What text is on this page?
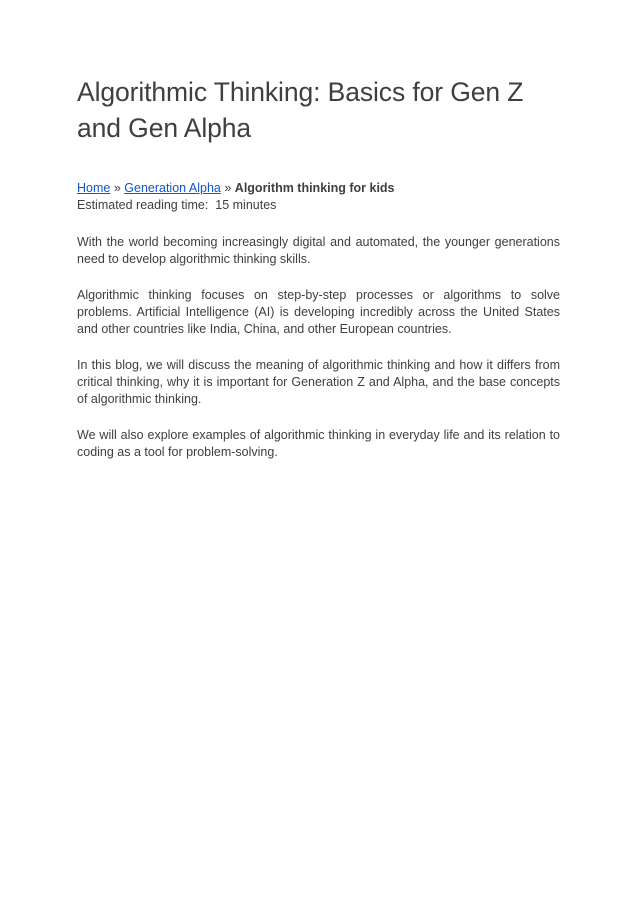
Algorithmic Thinking: Basics for Gen Z and Gen Alpha
Home » Generation Alpha » Algorithm thinking for kids
Estimated reading time: 15 minutes

With the world becoming increasingly digital and automated, the younger generations need to develop algorithmic thinking skills.

Algorithmic thinking focuses on step-by-step processes or algorithms to solve problems. Artificial Intelligence (AI) is developing incredibly across the United States and other countries like India, China, and other European countries.

In this blog, we will discuss the meaning of algorithmic thinking and how it differs from critical thinking, why it is important for Generation Z and Alpha, and the base concepts of algorithmic thinking.

We will also explore examples of algorithmic thinking in everyday life and its relation to coding as a tool for problem-solving.
